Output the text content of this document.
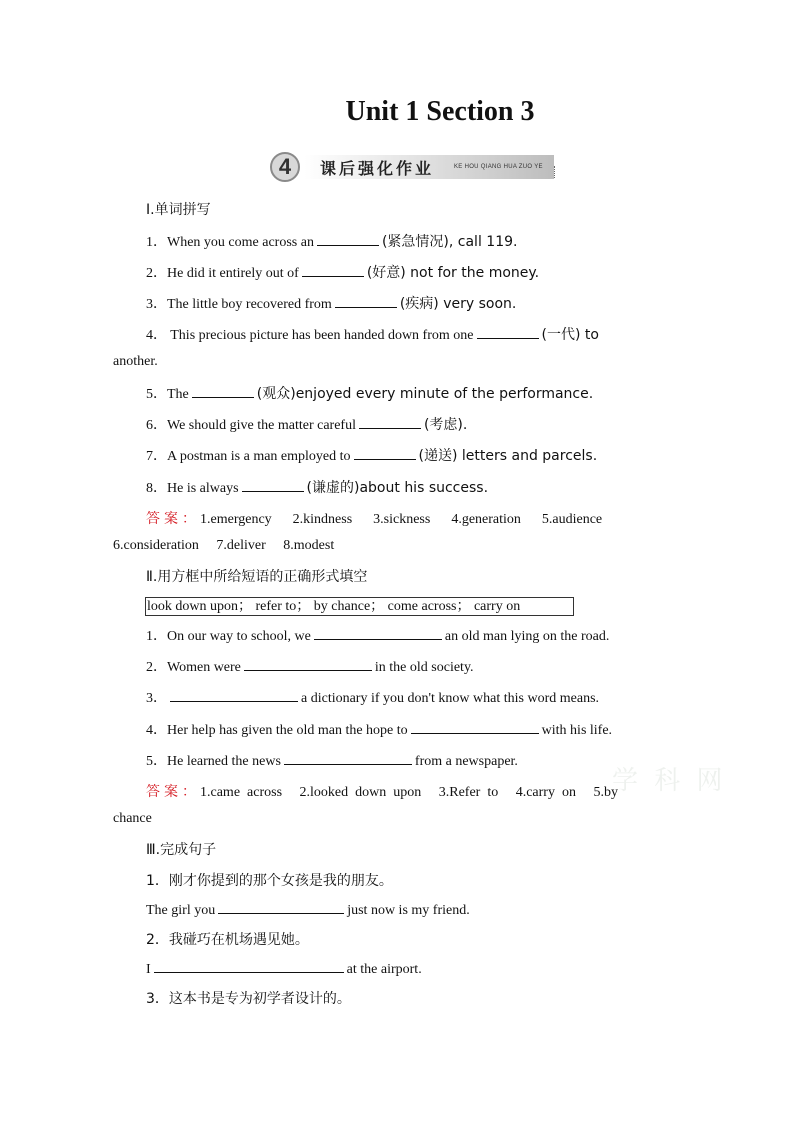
Unit 1 Section 3
4	课后强化作业	KE HOU QIANG HUA ZUO YE
Ⅰ.单词拼写
1．When you come across an	(紧急情况), call 119.
2．He did it entirely out of	(好意) not for the money.
3．The little boy recovered from	(疾病) very soon.
4． This precious picture has been handed down from one	(一代) to
another.
5．The	(观众)enjoyed every minute of the performance.
6．We should give the matter careful	(考虑).
7．A postman is a man employed to	(递送) letters and parcels.
8．He is always	(谦虚的)about his success.
答案：1.emergency      2.kindness      3.sickness      4.generation      5.audience
6.consideration     7.deliver     8.modest
Ⅱ.用方框中所给短语的正确形式填空
look down upon； refer to； by chance； come across； carry on
1．On our way to school, we	an old man lying on the road.
2．Women were	in the old society.
3．	a dictionary if you don't know what this word means.
4．Her help has given the old man the hope to	with his life.
5．He learned the news	from a newspaper.
答案：1.came  across     2.looked  down  upon     3.Refer  to     4.carry  on     5.by
chance
学 科 网
Ⅲ.完成句子
1．刚才你提到的那个女孩是我的朋友。
The girl you	just now is my friend.
2．我碰巧在机场遇见她。
I	at the airport.
3．这本书是专为初学者设计的。
